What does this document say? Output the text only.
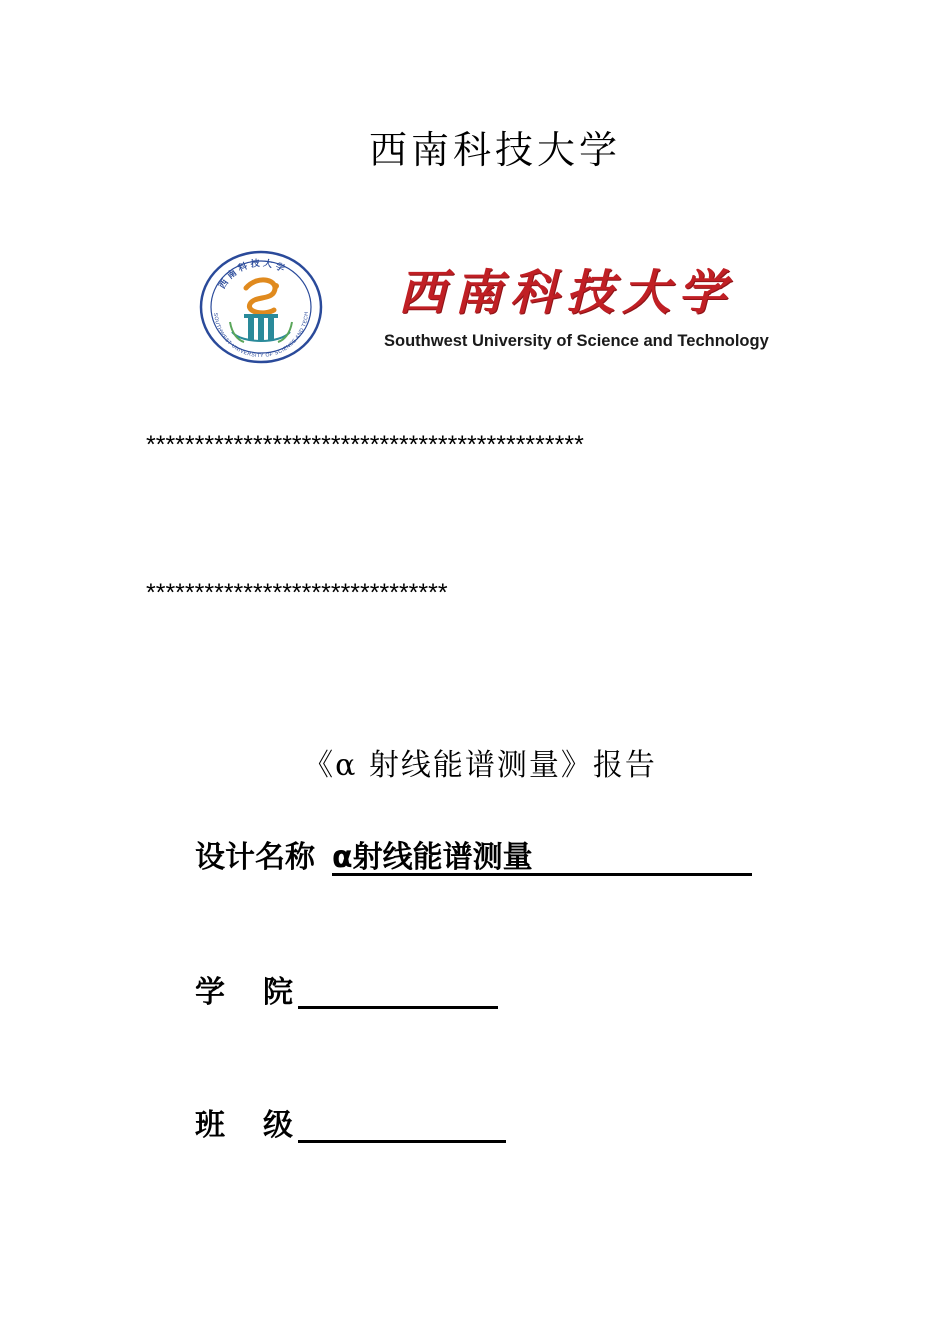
西南科技大学
西南科技大学
SOUTHWEST UNIVERSITY OF SCIENCE AND TECH 西南科技大学
Southwest University of Science and Technology
*********************************************
*******************************
《α 射线能谱测量》报告
设计名称 α射线能谱测量
学院
班级
